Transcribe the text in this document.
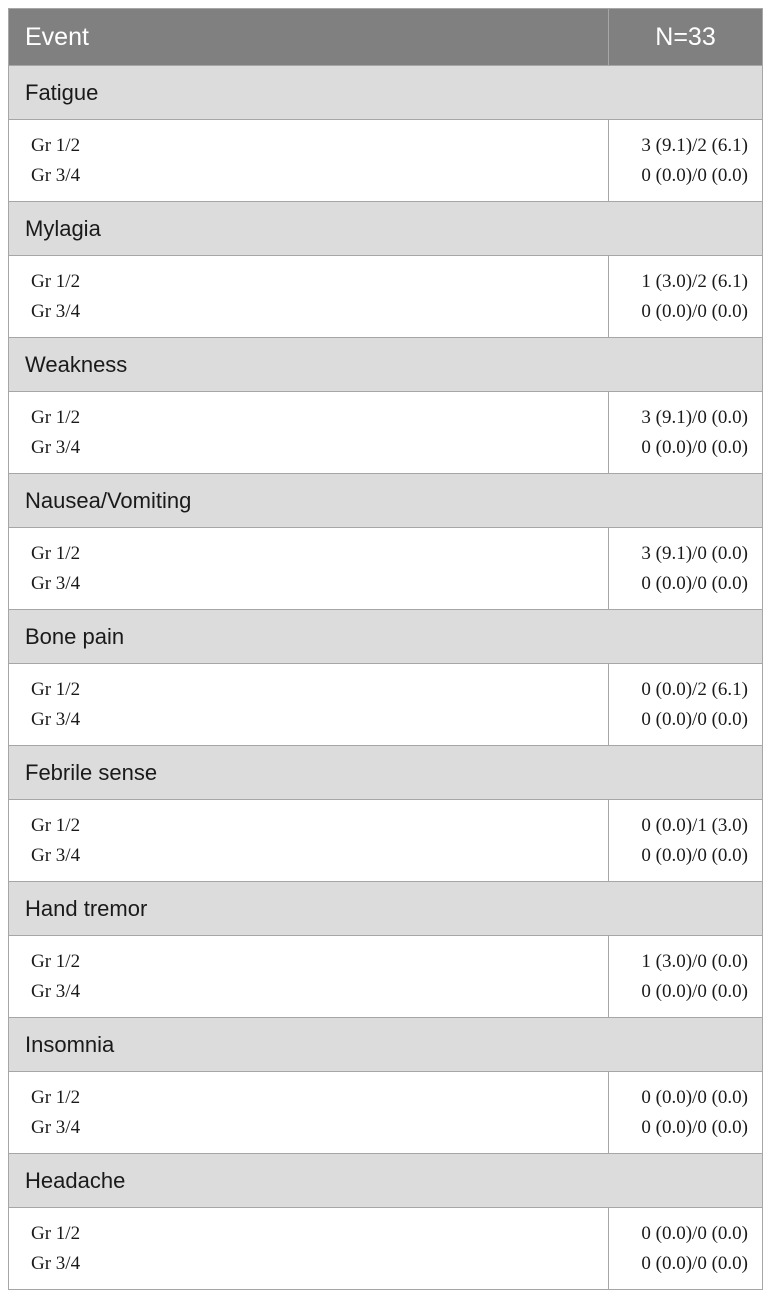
Event	N=33
Fatigue
Gr 1/2
Gr 3/4
3 (9.1)/2 (6.1)
0 (0.0)/0 (0.0)
Mylagia
Gr 1/2
Gr 3/4
1 (3.0)/2 (6.1)
0 (0.0)/0 (0.0)
Weakness
Gr 1/2
Gr 3/4
3 (9.1)/0 (0.0)
0 (0.0)/0 (0.0)
Nausea/Vomiting
Gr 1/2
Gr 3/4
3 (9.1)/0 (0.0)
0 (0.0)/0 (0.0)
Bone pain
Gr 1/2
Gr 3/4
0 (0.0)/2 (6.1)
0 (0.0)/0 (0.0)
Febrile sense
Gr 1/2
Gr 3/4
0 (0.0)/1 (3.0)
0 (0.0)/0 (0.0)
Hand tremor
Gr 1/2
Gr 3/4
1 (3.0)/0 (0.0)
0 (0.0)/0 (0.0)
Insomnia
Gr 1/2
Gr 3/4
0 (0.0)/0 (0.0)
0 (0.0)/0 (0.0)
Headache
Gr 1/2
Gr 3/4
0 (0.0)/0 (0.0)
0 (0.0)/0 (0.0)
